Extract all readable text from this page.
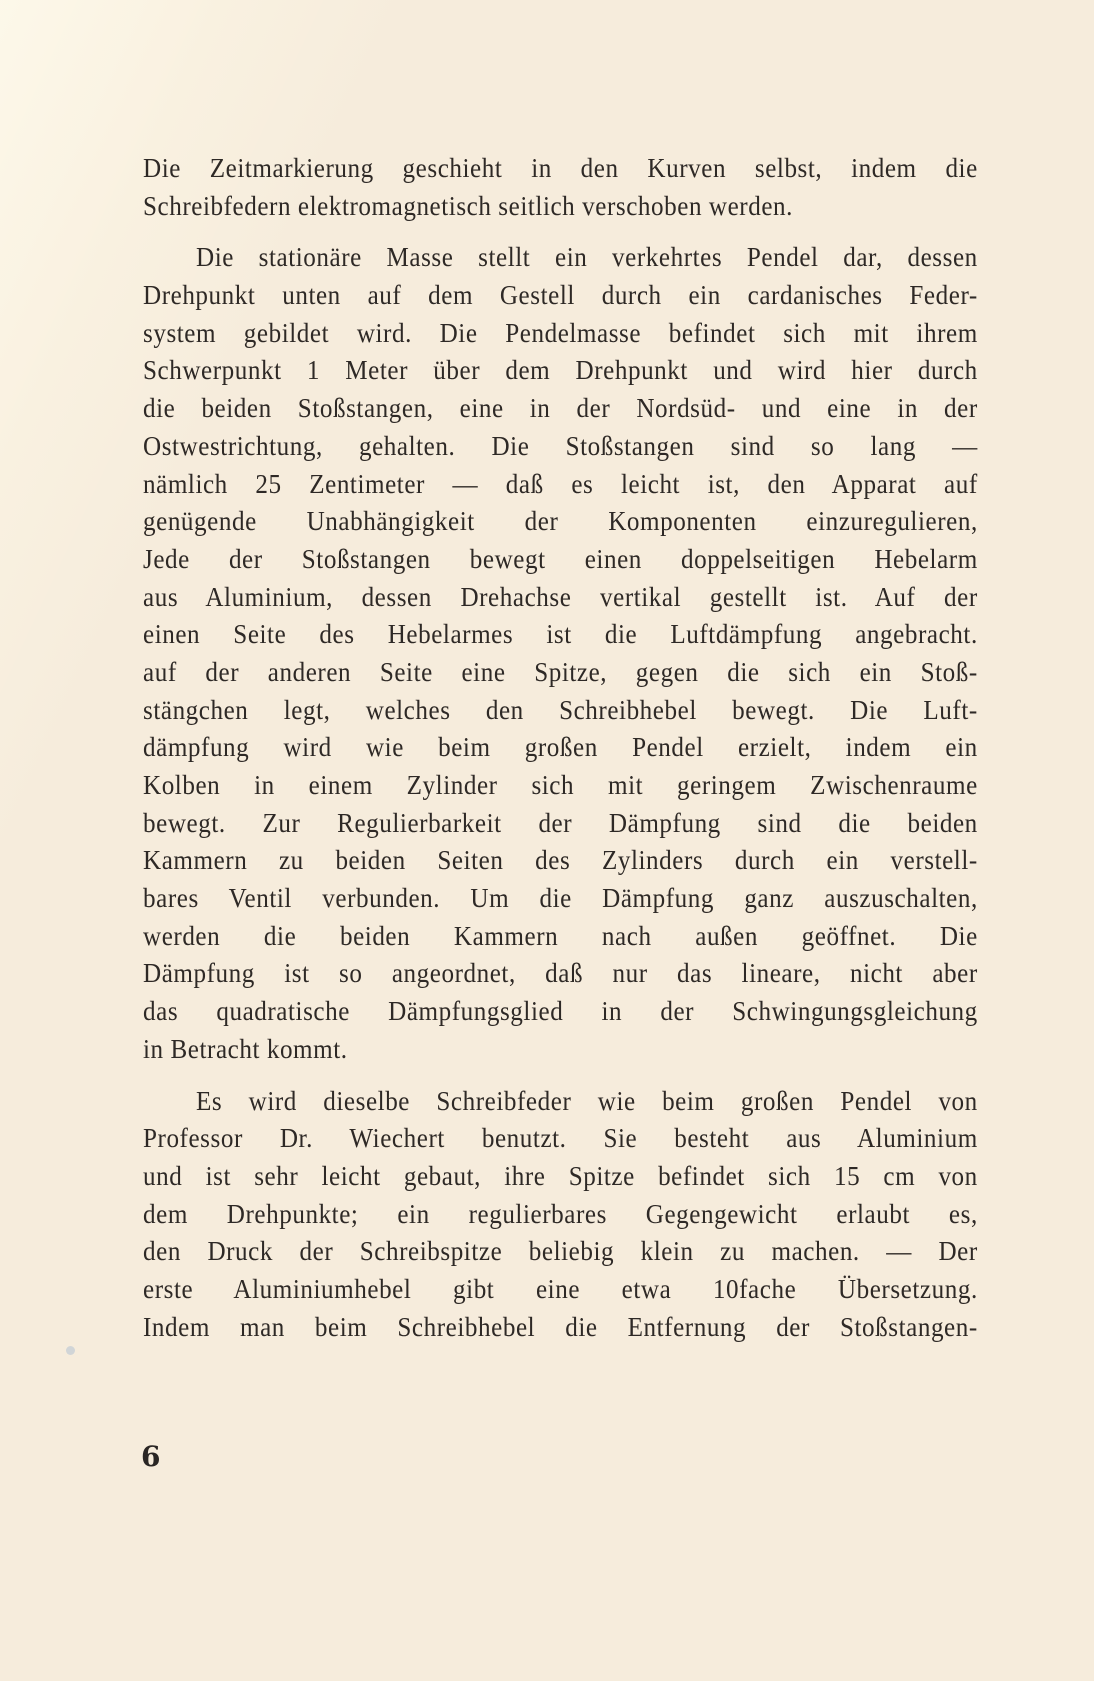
Die Zeitmarkierung geschieht in den Kurven selbst, indem die
Schreibfedern elektromagnetisch seitlich verschoben werden.
Die stationäre Masse stellt ein verkehrtes Pendel dar, dessen
Drehpunkt unten auf dem Gestell durch ein cardanisches Feder-
system gebildet wird. Die Pendelmasse befindet sich mit ihrem
Schwerpunkt 1 Meter über dem Drehpunkt und wird hier durch
die beiden Stoßstangen, eine in der Nordsüd- und eine in der
Ostwestrichtung, gehalten. Die Stoßstangen sind so lang —
nämlich 25 Zentimeter — daß es leicht ist, den Apparat auf
genügende Unabhängigkeit der Komponenten einzuregulieren,
Jede der Stoßstangen bewegt einen doppelseitigen Hebelarm
aus Aluminium, dessen Drehachse vertikal gestellt ist. Auf der
einen Seite des Hebelarmes ist die Luftdämpfung angebracht.
auf der anderen Seite eine Spitze, gegen die sich ein Stoß-
stängchen legt, welches den Schreibhebel bewegt. Die Luft-
dämpfung wird wie beim großen Pendel erzielt, indem ein
Kolben in einem Zylinder sich mit geringem Zwischenraume
bewegt. Zur Regulierbarkeit der Dämpfung sind die beiden
Kammern zu beiden Seiten des Zylinders durch ein verstell-
bares Ventil verbunden. Um die Dämpfung ganz auszuschalten,
werden die beiden Kammern nach außen geöffnet. Die
Dämpfung ist so angeordnet, daß nur das lineare, nicht aber
das quadratische Dämpfungsglied in der Schwingungsgleichung
in Betracht kommt.
Es wird dieselbe Schreibfeder wie beim großen Pendel von
Professor Dr. Wiechert benutzt. Sie besteht aus Aluminium
und ist sehr leicht gebaut, ihre Spitze befindet sich 15 cm von
dem Drehpunkte; ein regulierbares Gegengewicht erlaubt es,
den Druck der Schreibspitze beliebig klein zu machen. — Der
erste Aluminiumhebel gibt eine etwa 10fache Übersetzung.
Indem man beim Schreibhebel die Entfernung der Stoßstangen-
6
